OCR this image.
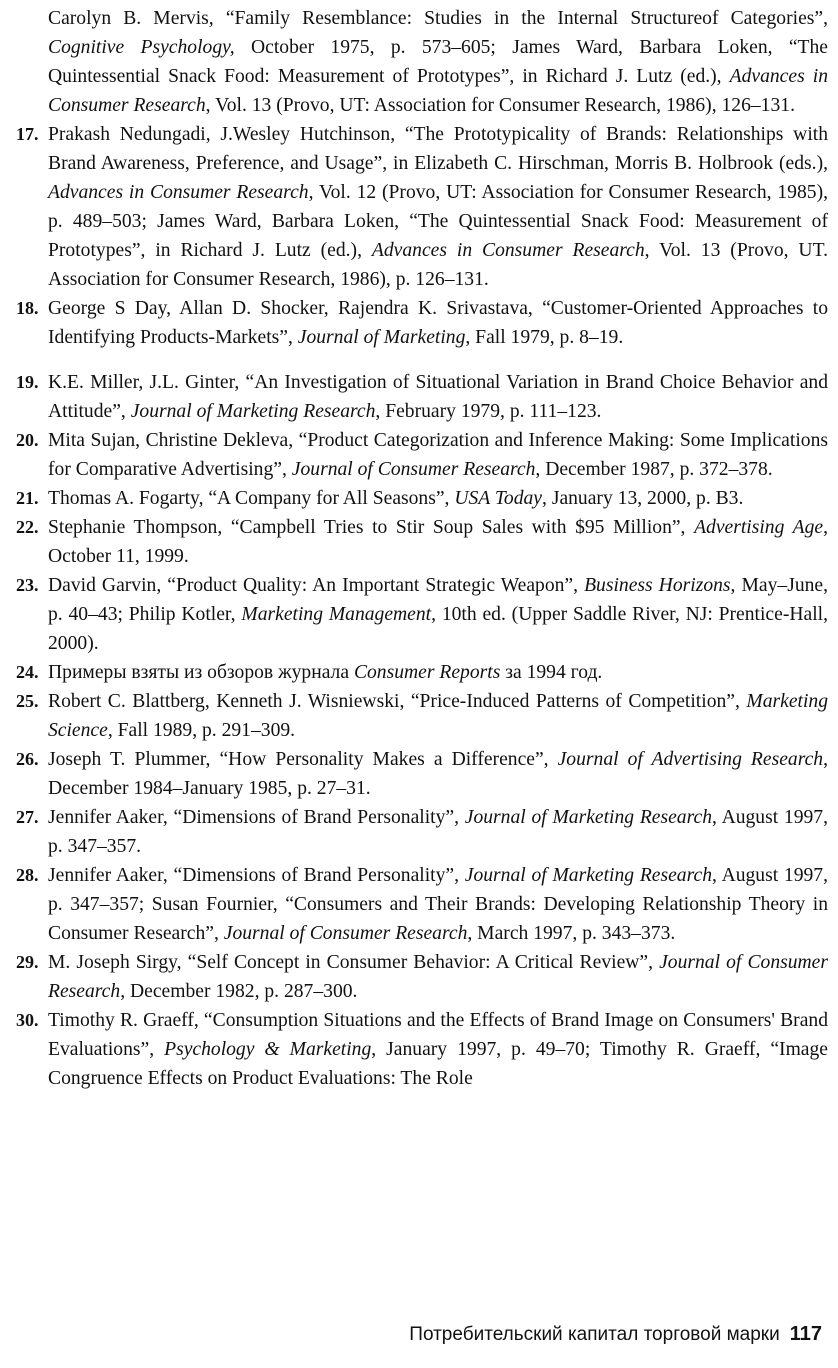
Carolyn B. Mervis, “Family Resemblance: Studies in the Internal Structureof Categories”, Cognitive Psychology, October 1975, p. 573–605; James Ward, Barbara Loken, “The Quintessential Snack Food: Measurement of Prototypes”, in Richard J. Lutz (ed.), Advances in Consumer Research, Vol. 13 (Provo, UT: Association for Consumer Research, 1986), 126–131.
17. Prakash Nedungadi, J.Wesley Hutchinson, “The Prototypicality of Brands: Relationships with Brand Awareness, Preference, and Usage”, in Elizabeth C. Hirschman, Morris B. Holbrook (eds.), Advances in Consumer Research, Vol. 12 (Provo, UT: Association for Consumer Research, 1985), p. 489–503; James Ward, Barbara Loken, “The Quintessential Snack Food: Measurement of Prototypes”, in Richard J. Lutz (ed.), Advances in Consumer Research, Vol. 13 (Provo, UT. Association for Consumer Research, 1986), p. 126–131.
18. George S Day, Allan D. Shocker, Rajendra K. Srivastava, “Customer-Oriented Approaches to Identifying Products-Markets”, Journal of Marketing, Fall 1979, p. 8–19.
19. K.E. Miller, J.L. Ginter, “An Investigation of Situational Variation in Brand Choice Behavior and Attitude”, Journal of Marketing Research, February 1979, p. 111–123.
20. Mita Sujan, Christine Dekleva, “Product Categorization and Inference Making: Some Implications for Comparative Advertising”, Journal of Consumer Research, December 1987, p. 372–378.
21. Thomas A. Fogarty, “A Company for All Seasons”, USA Today, January 13, 2000, p. B3.
22. Stephanie Thompson, “Campbell Tries to Stir Soup Sales with $95 Million”, Advertising Age, October 11, 1999.
23. David Garvin, “Product Quality: An Important Strategic Weapon”, Business Horizons, May–June, p. 40–43; Philip Kotler, Marketing Management, 10th ed. (Upper Saddle River, NJ: Prentice-Hall, 2000).
24. Примеры взяты из обзоров журнала Consumer Reports за 1994 год.
25. Robert C. Blattberg, Kenneth J. Wisniewski, “Price-Induced Patterns of Competition”, Marketing Science, Fall 1989, p. 291–309.
26. Joseph T. Plummer, “How Personality Makes a Difference”, Journal of Advertising Research, December 1984–January 1985, p. 27–31.
27. Jennifer Aaker, “Dimensions of Brand Personality”, Journal of Marketing Research, August 1997, p. 347–357.
28. Jennifer Aaker, “Dimensions of Brand Personality”, Journal of Marketing Research, August 1997, p. 347–357; Susan Fournier, “Consumers and Their Brands: Developing Relationship Theory in Consumer Research”, Journal of Consumer Research, March 1997, p. 343–373.
29. M. Joseph Sirgy, “Self Concept in Consumer Behavior: A Critical Review”, Journal of Consumer Research, December 1982, p. 287–300.
30. Timothy R. Graeff, “Consumption Situations and the Effects of Brand Image on Consumers' Brand Evaluations”, Psychology & Marketing, January 1997, p. 49–70; Timothy R. Graeff, “Image Congruence Effects on Product Evaluations: The Role
Потребительский капитал торговой марки 117
